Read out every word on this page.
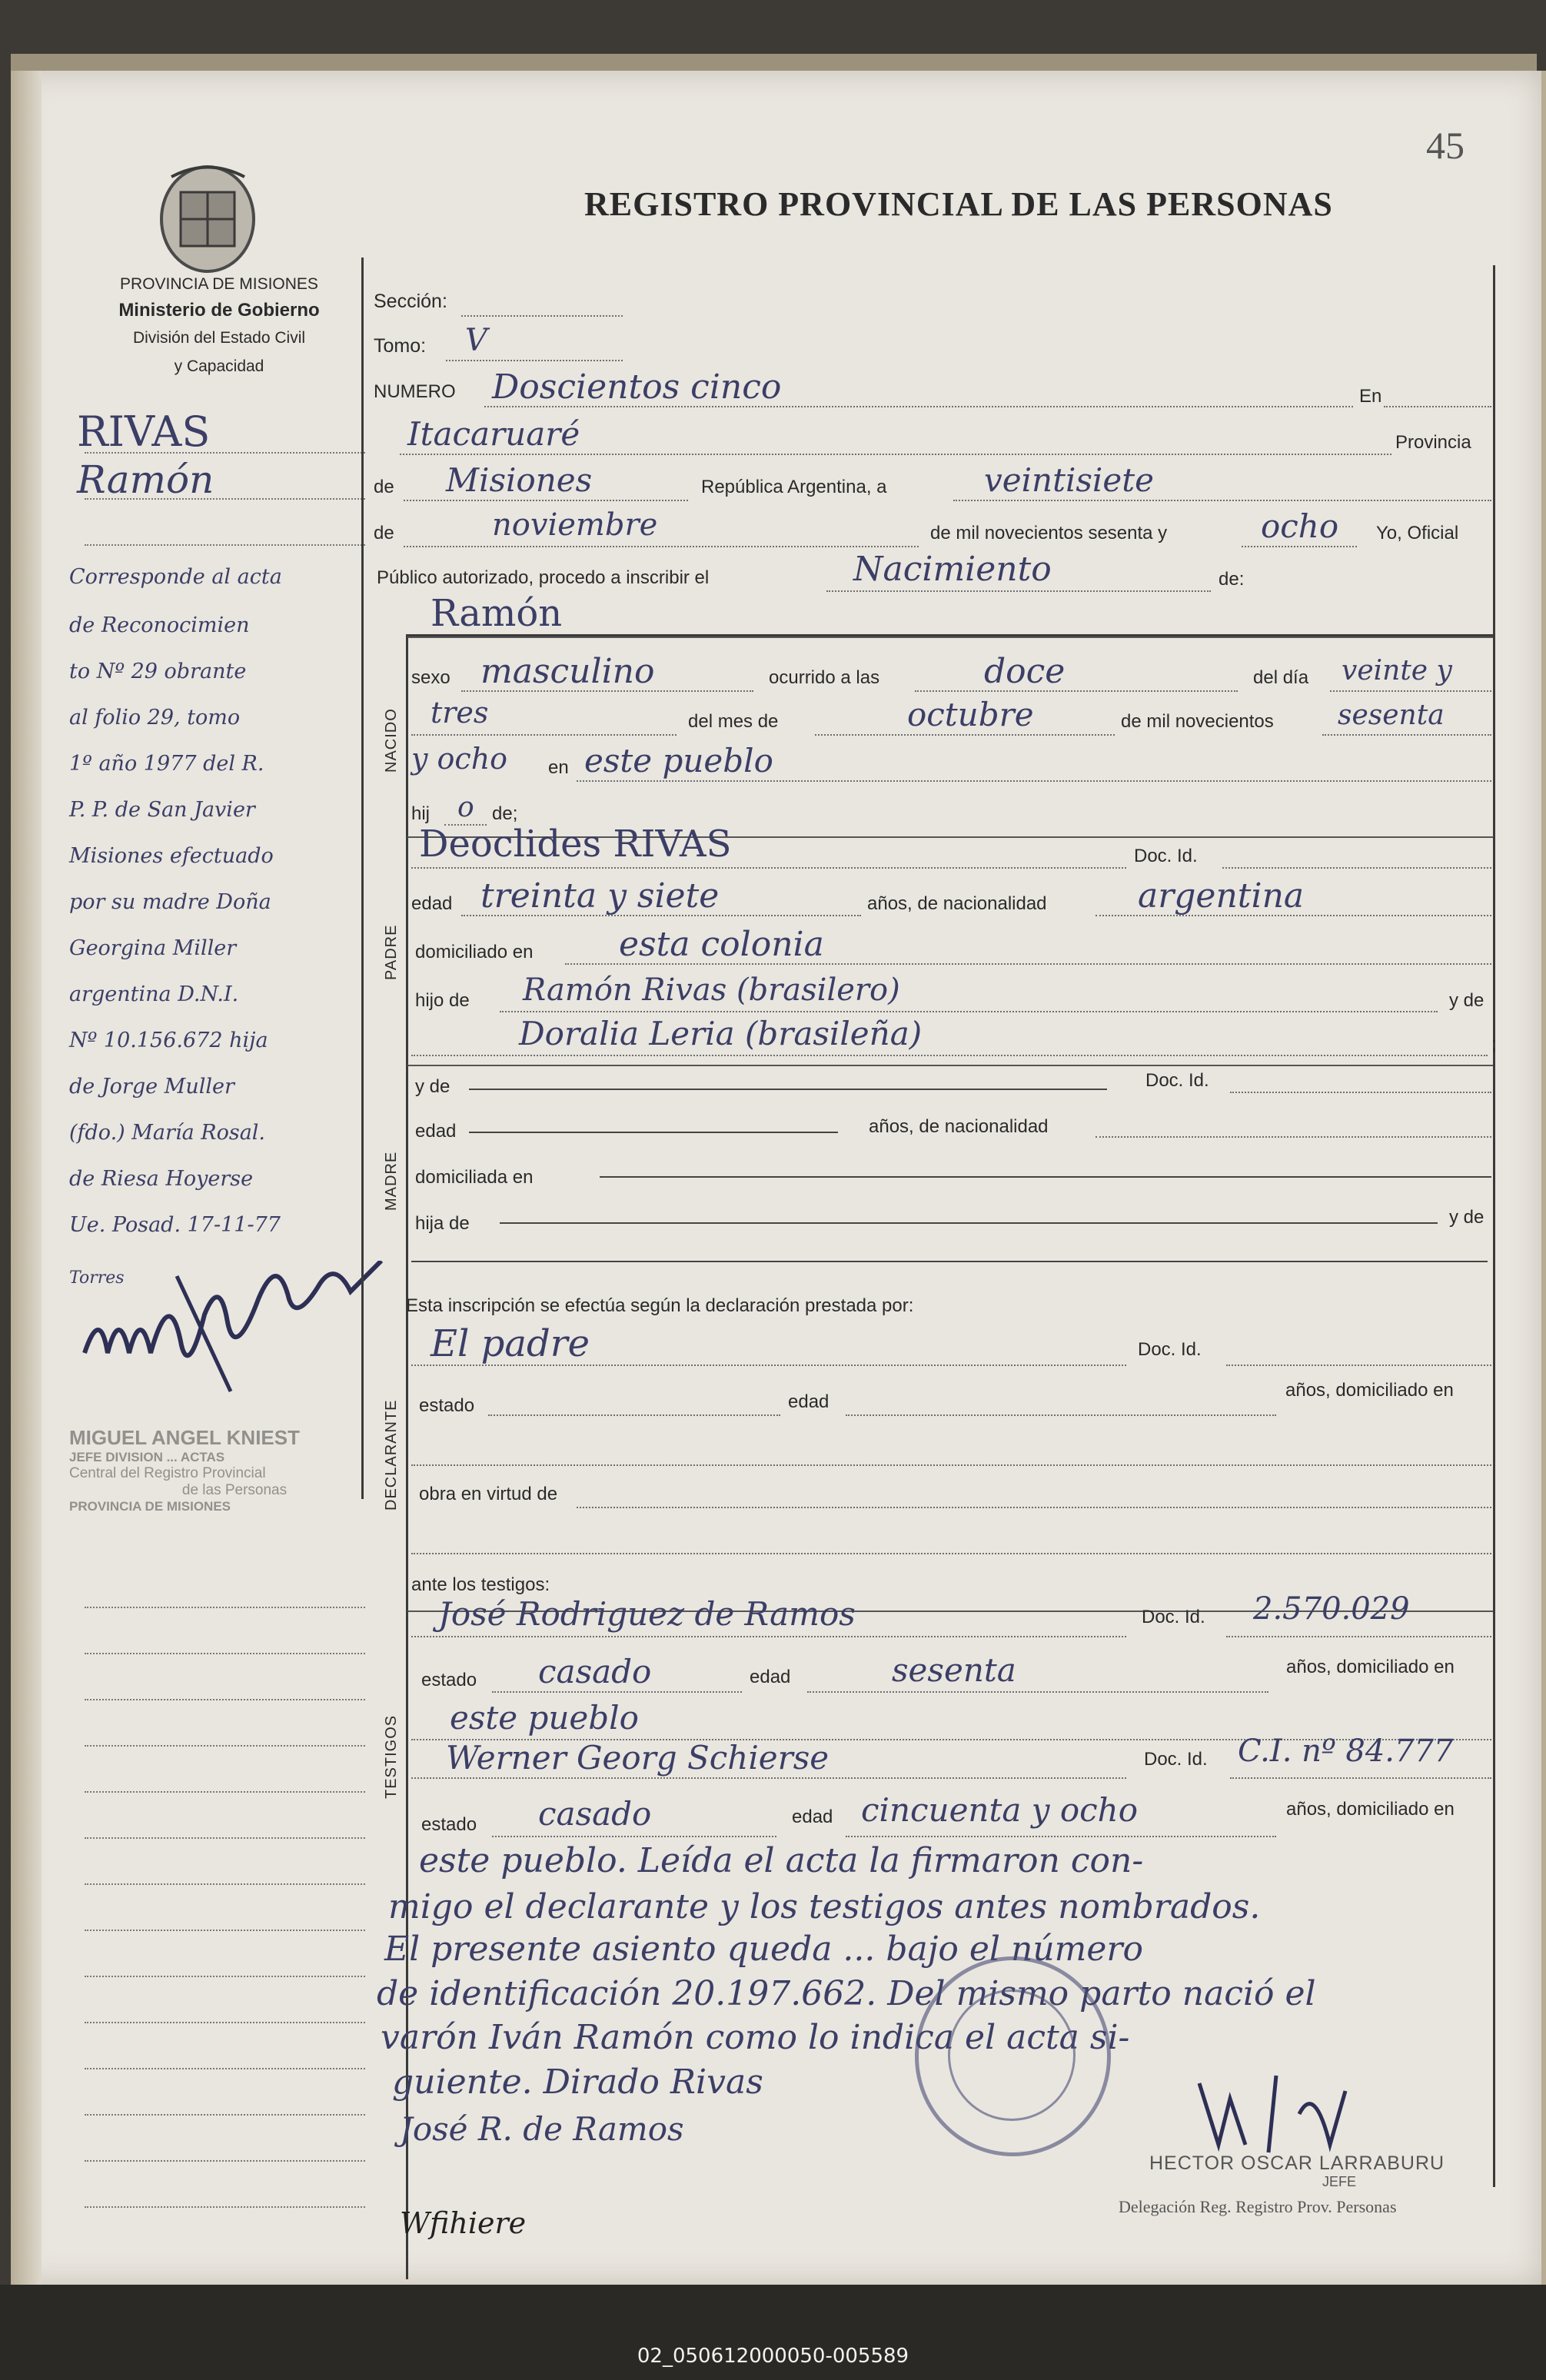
45
PROVINCIA DE MISIONES
Ministerio de Gobierno
División del Estado Civil
y Capacidad
REGISTRO PROVINCIAL DE LAS PERSONAS
RIVAS
Ramón
Corresponde al acta
de Reconocimien
to Nº 29 obrante
al folio 29, tomo
1º año 1977 del R.
P. P. de San Javier
Misiones efectuado
por su madre Doña
Georgina Miller
argentina D.N.I.
Nº 10.156.672 hija
de Jorge Muller
(fdo.) María Rosal.
de Riesa Hoyerse
Ue. Posad. 17-11-77
Torres
MIGUEL ANGEL KNIEST
JEFE DIVISION ... ACTAS
Central del Registro Provincial
de las Personas
PROVINCIA DE MISIONES
Sección:
Tomo: V
NUMERO Doscientos cinco	En
Itacaruaré	Provincia
de Misiones	República Argentina, a	veintisiete
de	noviembre	de mil novecientos sesenta y	ocho Yo, Oficial
Público autorizado, procedo a inscribir el	Nacimiento	de:
NACIDO
Ramón
sexo masculino	ocurrido a las	doce	del día veinte y
tres	del mes de	octubre	de mil novecientos sesenta
y ocho en este pueblo
hij o de;
PADRE
Deoclides RIVAS	Doc. Id.
edad treinta y siete	años, de nacionalidad	argentina
domiciliado en	esta colonia
hijo de Ramón Rivas (brasilero)	y de
Doralia Leria (brasileña)	;
MADRE
y de	Doc. Id.
edad	años, de nacionalidad
domiciliada en
hija de	y de
Esta inscripción se efectúa según la declaración prestada por:
DECLARANTE
El padre	Doc. Id.
estado	edad
años, domiciliado en
obra en virtud de
ante los testigos:
TESTIGOS
José Rodriguez de Ramos	Doc. Id. 2.570.029
estado casado	edad	sesenta	años, domiciliado en
este pueblo
Werner Georg Schierse	Doc. Id. C.I. nº 84.777
estado casado	edad cincuenta y ocho	años, domiciliado en
este pueblo. Leída el acta la firmaron con-
migo el declarante y los testigos antes nombrados.
El presente asiento queda ... bajo el número
de identificación 20.197.662. Del mismo parto nació el
varón Iván Ramón como lo indica el acta si-
guiente. Dirado Rivas
José R. de Ramos
HECTOR OSCAR LARRABURU
JEFE
Delegación Reg. Registro Prov. Personas
Wfihiere
02_050612000050-005589
